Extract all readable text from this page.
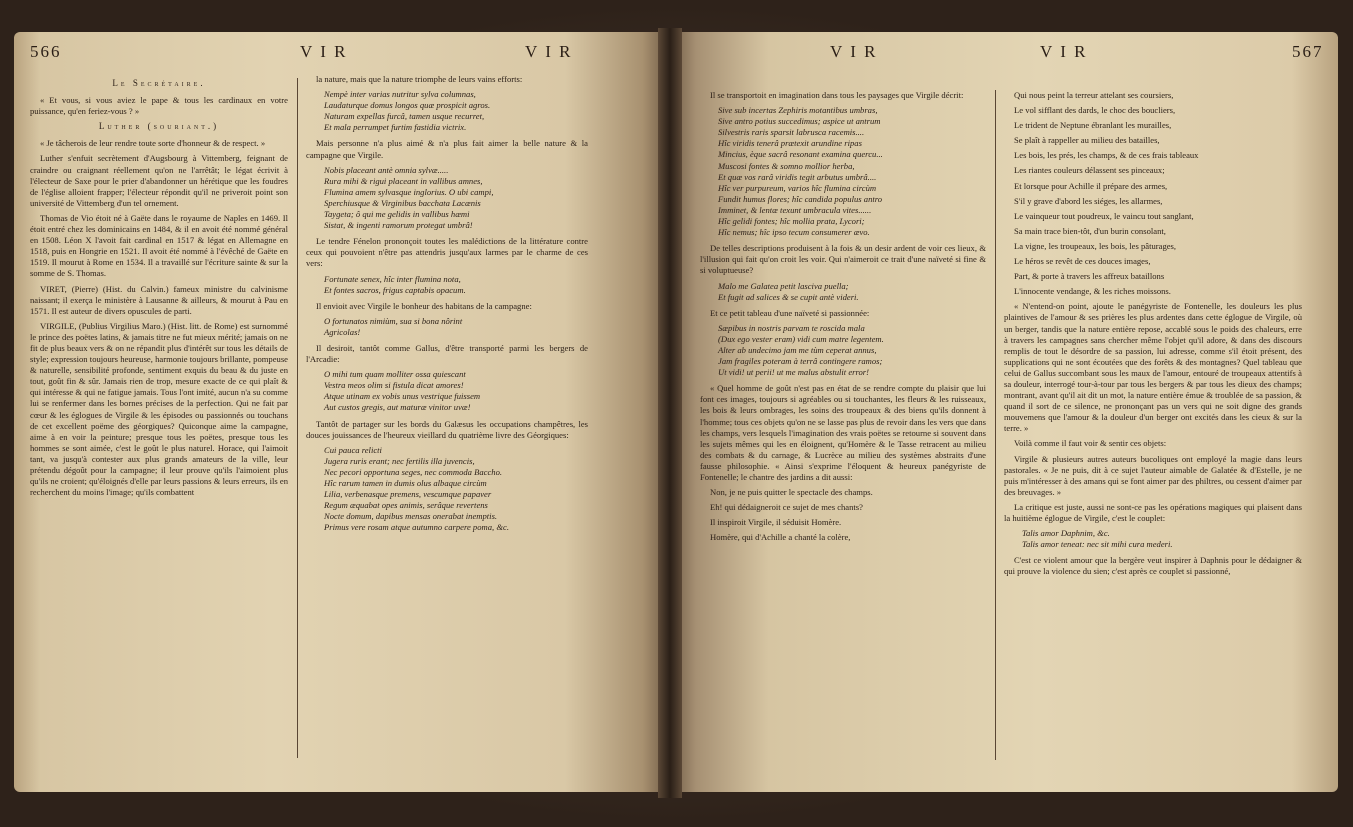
566	V I R	V I R	V I R	V I R	567
Le Secrétaire.

« Et vous, si vous aviez le pape & tous les cardinaux en votre puissance, qu'en feriez-vous ? »

Luther (souriant.)

« Je tâcherois de leur rendre toute sorte d'honneur & de respect. »

Luther s'enfuit secrètement d'Augsbourg à Vittemberg, feignant de craindre ou craignant réellement qu'on ne l'arrêtât; le légat écrivit à l'électeur de Saxe pour le prier d'abandonner un hérétique que les foudres de l'église alloient frapper; l'électeur répondit qu'il ne priveroit point son université de Vittemberg d'un tel ornement.

Thomas de Vio étoit né à Gaëte dans le royaume de Naples en 1469. Il étoit entré chez les dominicains en 1484, & il en avoit été nommé général en 1508. Léon X l'avoit fait cardinal en 1517 & légat en Allemagne en 1518, puis en Hongrie en 1521. Il avoit été nommé à l'évêché de Gaëte en 1519. Il mourut à Rome en 1534. Il a travaillé sur l'écriture sainte & sur la somme de S. Thomas.

VIRET, (Pierre) (Hist. du Calvin.) fameux ministre du calvinisme naissant; il exerça le ministère à Lausanne & ailleurs, & mourut à Pau en 1571. Il est auteur de divers opuscules de parti.

VIRGILE, (Publius Virgilius Maro.) (Hist. litt. de Rome) est surnommé le prince des poëtes latins, & jamais titre ne fut mieux mérité; jamais on ne fit de plus beaux vers & on ne répandit plus d'intérêt sur tous les détails de style; expression toujours heureuse, harmonie toujours brillante, pompeuse & naturelle, sensibilité profonde, sentiment exquis du beau & du juste en tout, goût fin & sûr. Jamais rien de trop, mesure exacte de ce qui plaît & qui intéresse & qui ne fatigue jamais. Tous l'ont imité, aucun n'a su comme lui se renfermer dans les bornes précises de la perfection. Qui ne fait par cœur & les églogues de Virgile & les épisodes ou passionnés ou touchans de cet excellent poëme des géorgiques? Quiconque aime la campagne, aime à en voir la peinture; presque tous les poëtes, presque tous les hommes se sont aimée, c'est le goût le plus naturel. Horace, qui l'aimoit tant, va jusqu'à contester aux plus grands amateurs de la ville, leur prétendu dégoût pour la campagne; il leur prouve qu'ils l'aimoient plus qu'ils ne croient; qu'éloignés d'elle par leurs passions & leurs erreurs, ils en recherchent du moins l'image; qu'ils combattent

la nature, mais que la nature triomphe de leurs vains efforts:

Nempè inter varias nutritur sylva columnas,

Laudaturque domus longos quæ prospicit agros.

Naturam expellas furcâ, tamen usque recurret,

Et mala perrumpet furtim fastidia victrix.

Mais personne n'a plus aimé & n'a plus fait aimer la belle nature & la campagne que Virgile.

Nobis placeant antè omnia sylvæ.....

Rura mihi & rigui placeant in vallibus amnes,

Flumina amem sylvasque inglorius. O ubi campi,

Sperchiusque & Virginibus bacchata Lacænis

Taygeta; ô qui me gelidis in vallibus hæmi

Sistat, & ingenti ramorum protegat umbrâ!

Le tendre Fénelon prononçoit toutes les malédictions de la littérature contre ceux qui pouvoient n'être pas attendris jusqu'aux larmes par le charme de ces vers:

Fortunate senex, hîc inter flumina nota,

Et fontes sacros, frigus captabis opacum.

Il envioit avec Virgile le bonheur des habitans de la campagne:

O fortunatos nimiùm, sua si bona nôrint

Agricolas!

Il desiroit, tantôt comme Gallus, d'être transporté parmi les bergers de l'Arcadie:

O mihi tum quam molliter ossa quiescant

Vestra meos olim si fistula dicat amores!

Atque utinam ex vobis unus vestrique fuissem

Aut custos gregis, aut maturæ vinitor uvæ!

Tantôt de partager sur les bords du Galæsus les occupations champêtres, les douces jouissances de l'heureux vieillard du quatrième livre des Géorgiques:

Cui pauca relicti

Jugera ruris erant; nec fertilis illa juvencis,

Nec pecori opportuna seges, nec commoda Baccho.

Hîc rarum tamen in dumis olus albaque circùm

Lilia, verbenasque premens, vescumque papaver

Regum æquabat opes animis, serâque revertens

Nocte domum, dapibus mensas onerabat inemptis.

Primus vere rosam atque autumno carpere poma, &c.

Il se transportoit en imagination dans tous les paysages que Virgile décrit:

Sive sub incertas Zephiris motantibus umbras,

Sive antro potius succedimus; aspice ut antrum

Silvestris raris sparsit labrusca racemis....

Hîc viridis tenerâ prætexit arundine ripas

Mincius, èque sacrâ resonant examina quercu...

Muscosi fontes & somno mollior herba,

Et quæ vos rarâ viridis tegit arbutus umbrâ....

Hîc ver purpureum, varios hîc flumina circùm

Fundit humus flores; hîc candida populus antro

Imminet, & lentæ texunt umbracula vites......

Hîc gelidi fontes; hîc mollia prata, Lycori;

Hîc nemus; hîc ipso tecum consumerer ævo.

De telles descriptions produisent à la fois & un desir ardent de voir ces lieux, & l'illusion qui fait qu'on croit les voir. Qui n'aimeroit ce trait d'une naïveté si fine & si voluptueuse?

Malo me Galatea petit lasciva puella;

Et fugit ad salices & se cupit antè videri.

Et ce petit tableau d'une naïveté si passionnée:

Sæpibus in nostris parvam te roscida mala

(Dux ego vester eram) vidi cum matre legentem.

Alter ab undecimo jam me tùm ceperat annus,

Jam fragiles poteram à terrâ contingere ramos;

Ut vidi! ut perii! ut me malus abstulit error!

« Quel homme de goût n'est pas en état de se rendre compte du plaisir que lui font ces images, toujours si agréables ou si touchantes, les fleurs & les ruisseaux, les bois & leurs ombrages, les soins des troupeaux & des biens qu'ils donnent à l'homme; tous ces objets qu'on ne se lasse pas plus de revoir dans les vers que dans les champs, vers lesquels l'imagination des vrais poëtes se retourne si souvent dans les sujets mêmes qui les en éloignent, qu'Homère & le Tasse retracent au milieu des combats & du carnage, & Lucrèce au milieu des systèmes abstraits d'une fausse philosophie. « Ainsi s'exprime l'éloquent & heureux panégyriste de Fontenelle; le chantre des jardins a dit aussi:

Non, je ne puis quitter le spectacle des champs.

Eh! qui dédaigneroit ce sujet de mes chants?

Il inspiroit Virgile, il séduisit Homère.

Homère, qui d'Achille a chanté la colère,

Qui nous peint la terreur attelant ses coursiers,

Le vol sifflant des dards, le choc des boucliers,

Le trident de Neptune ébranlant les murailles,

Se plaît à rappeller au milieu des batailles,

Les bois, les prés, les champs, & de ces frais tableaux

Les riantes couleurs délassent ses pinceaux;

Et lorsque pour Achille il prépare des armes,

S'il y grave d'abord les siéges, les allarmes,

Le vainqueur tout poudreux, le vaincu tout sanglant,

Sa main trace bien-tôt, d'un burin consolant,

La vigne, les troupeaux, les bois, les pâturages,

Le héros se revêt de ces douces images,

Part, & porte à travers les affreux bataillons

L'innocente vendange, & les riches moissons.

« N'entend-on point, ajoute le panégyriste de Fontenelle, les douleurs les plus plaintives de l'amour & ses prières les plus ardentes dans cette églogue de Virgile, où un berger, tandis que la nature entière repose, accablé sous le poids des chaleurs, erre à travers les campagnes sans chercher même l'objet qu'il adore, & dans des discours remplis de tout le désordre de sa passion, lui adresse, comme s'il étoit présent, des supplications qui ne sont écoutées que des forêts & des montagnes? Quel tableau que celui de Gallus succombant sous les maux de l'amour, entouré de troupeaux attentifs à sa douleur, interrogé tour-à-tour par tous les bergers & par tous les dieux des champs; montrant, avant qu'il ait dit un mot, la nature entière émue & troublée de sa passion, & quand il sort de ce silence, ne prononçant pas un vers qui ne soit digne des grands mouvemens que l'amour & la douleur d'un berger ont excités dans les cieux & sur la terre. »

Voilà comme il faut voir & sentir ces objets:

Virgile & plusieurs autres auteurs bucoliques ont employé la magie dans leurs pastorales. « Je ne puis, dit à ce sujet l'auteur aimable de Galatée & d'Estelle, je ne puis m'intéresser à des amans qui se font aimer par des philtres, ou cessent d'aimer par des breuvages. »

La critique est juste, aussi ne sont-ce pas les opérations magiques qui plaisent dans la huitième églogue de Virgile, c'est le couplet:

Talis amor Daphnim, &c.

Talis amor teneat: nec sit mihi cura mederi.

C'est ce violent amour que la bergère veut inspirer à Daphnis pour le dédaigner & qui prouve la violence du sien; c'est après ce couplet si passionné,
